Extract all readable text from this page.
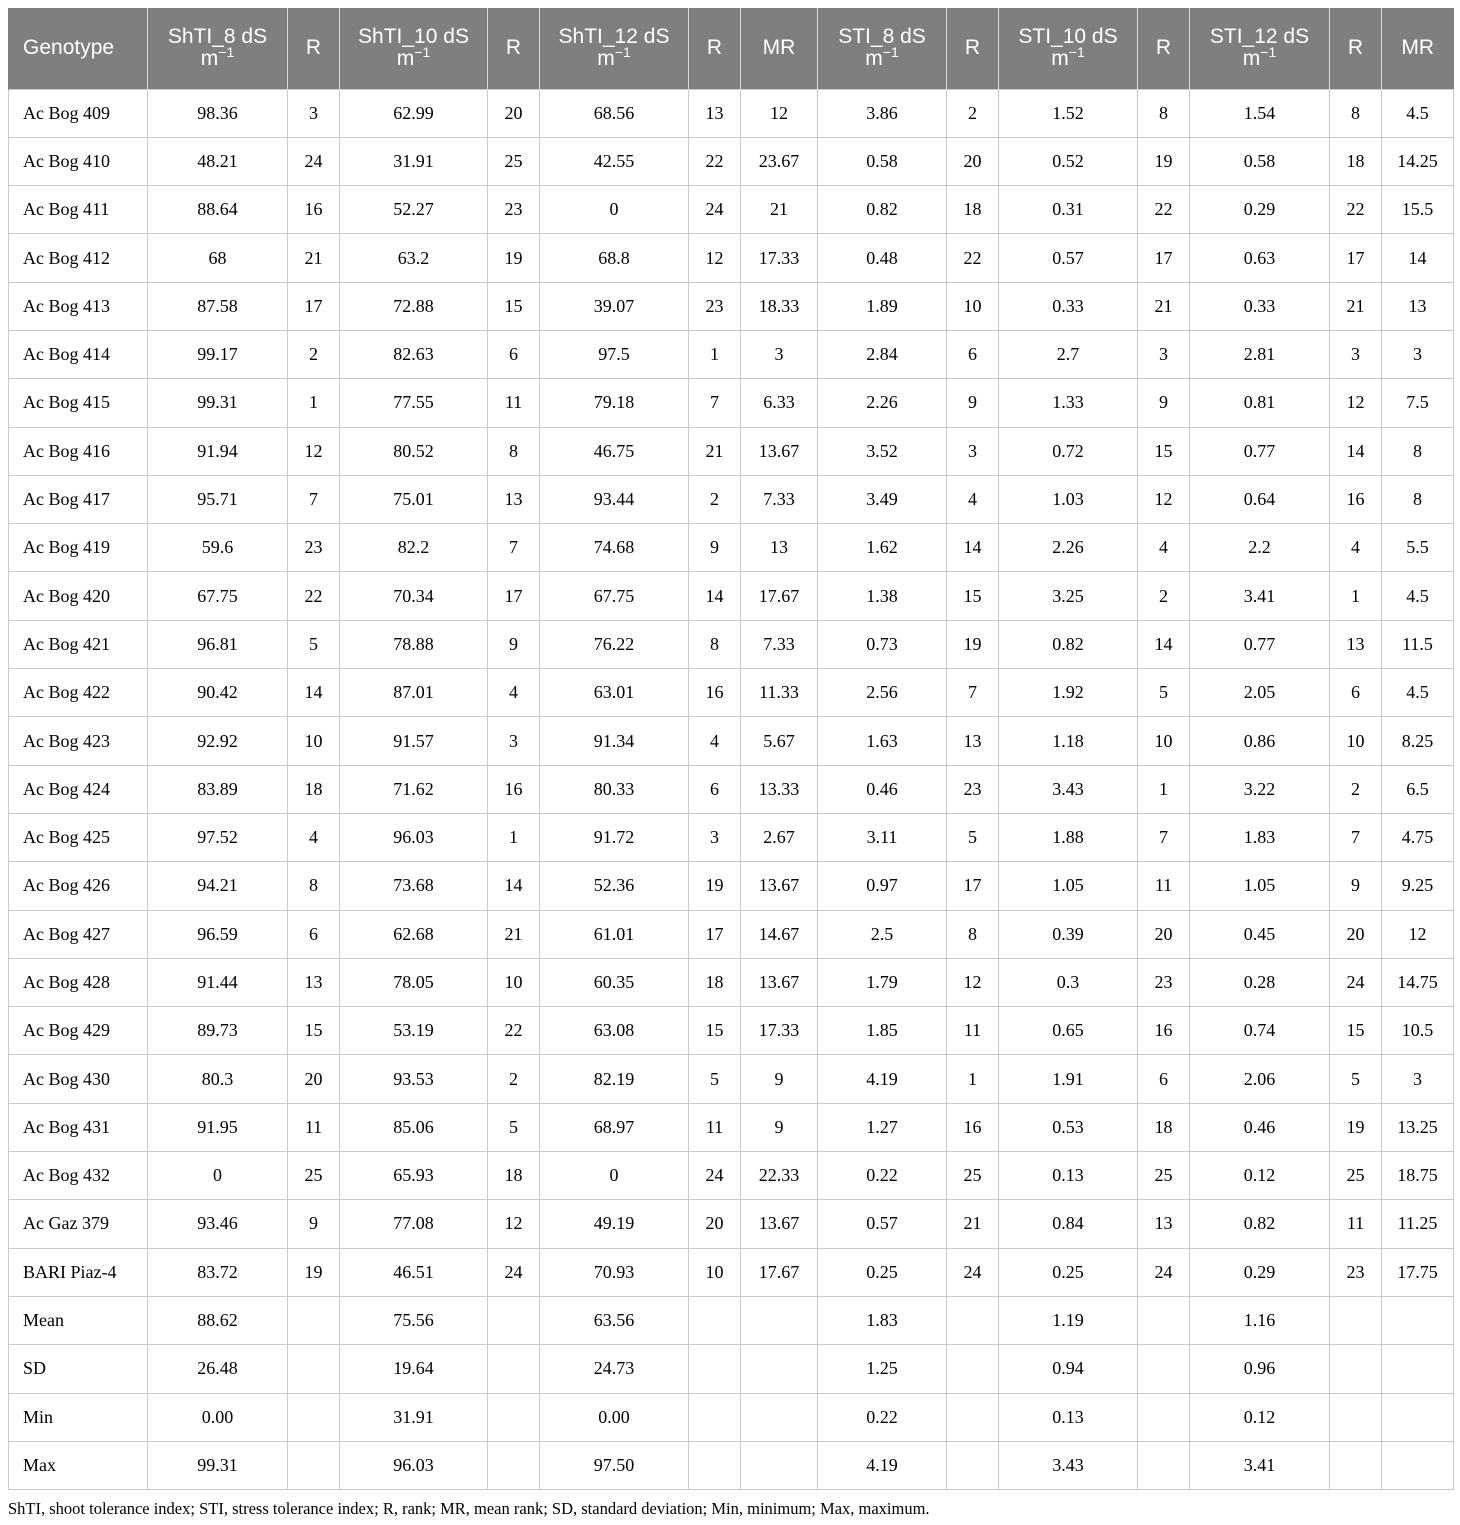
Genotype	ShTI_8 dS $m^{-1}$	R	ShTI_10 dS $m^{-1}$	R	ShTI_12 dS $m^{-1}$	R	MR	STI_8 dS $m^{-1}$	R	STI_10 dS $m^{-1}$	R	STI_12 dS $m^{-1}$	R	MR
Ac Bog 409	98.36	3	62.99	20	68.56	13	12	3.86	2	1.52	8	1.54	8	4.5
Ac Bog 410	48.21	24	31.91	25	42.55	22	23.67	0.58	20	0.52	19	0.58	18	14.25
Ac Bog 411	88.64	16	52.27	23	0	24	21	0.82	18	0.31	22	0.29	22	15.5
Ac Bog 412	68	21	63.2	19	68.8	12	17.33	0.48	22	0.57	17	0.63	17	14
Ac Bog 413	87.58	17	72.88	15	39.07	23	18.33	1.89	10	0.33	21	0.33	21	13
Ac Bog 414	99.17	2	82.63	6	97.5	1	3	2.84	6	2.7	3	2.81	3	3
Ac Bog 415	99.31	1	77.55	11	79.18	7	6.33	2.26	9	1.33	9	0.81	12	7.5
Ac Bog 416	91.94	12	80.52	8	46.75	21	13.67	3.52	3	0.72	15	0.77	14	8
Ac Bog 417	95.71	7	75.01	13	93.44	2	7.33	3.49	4	1.03	12	0.64	16	8
Ac Bog 419	59.6	23	82.2	7	74.68	9	13	1.62	14	2.26	4	2.2	4	5.5
Ac Bog 420	67.75	22	70.34	17	67.75	14	17.67	1.38	15	3.25	2	3.41	1	4.5
Ac Bog 421	96.81	5	78.88	9	76.22	8	7.33	0.73	19	0.82	14	0.77	13	11.5
Ac Bog 422	90.42	14	87.01	4	63.01	16	11.33	2.56	7	1.92	5	2.05	6	4.5
Ac Bog 423	92.92	10	91.57	3	91.34	4	5.67	1.63	13	1.18	10	0.86	10	8.25
Ac Bog 424	83.89	18	71.62	16	80.33	6	13.33	0.46	23	3.43	1	3.22	2	6.5
Ac Bog 425	97.52	4	96.03	1	91.72	3	2.67	3.11	5	1.88	7	1.83	7	4.75
Ac Bog 426	94.21	8	73.68	14	52.36	19	13.67	0.97	17	1.05	11	1.05	9	9.25
Ac Bog 427	96.59	6	62.68	21	61.01	17	14.67	2.5	8	0.39	20	0.45	20	12
Ac Bog 428	91.44	13	78.05	10	60.35	18	13.67	1.79	12	0.3	23	0.28	24	14.75
Ac Bog 429	89.73	15	53.19	22	63.08	15	17.33	1.85	11	0.65	16	0.74	15	10.5
Ac Bog 430	80.3	20	93.53	2	82.19	5	9	4.19	1	1.91	6	2.06	5	3
Ac Bog 431	91.95	11	85.06	5	68.97	11	9	1.27	16	0.53	18	0.46	19	13.25
Ac Bog 432	0	25	65.93	18	0	24	22.33	0.22	25	0.13	25	0.12	25	18.75
Ac Gaz 379	93.46	9	77.08	12	49.19	20	13.67	0.57	21	0.84	13	0.82	11	11.25
BARI Piaz-4	83.72	19	46.51	24	70.93	10	17.67	0.25	24	0.25	24	0.29	23	17.75
Mean	88.62		75.56		63.56			1.83		1.19		1.16		
SD	26.48		19.64		24.73			1.25		0.94		0.96		
Min	0.00		31.91		0.00			0.22		0.13		0.12		
Max	99.31		96.03		97.50			4.19		3.43		3.41		
ShTI, shoot tolerance index; STI, stress tolerance index; R, rank; MR, mean rank; SD, standard deviation; Min, minimum; Max, maximum.
